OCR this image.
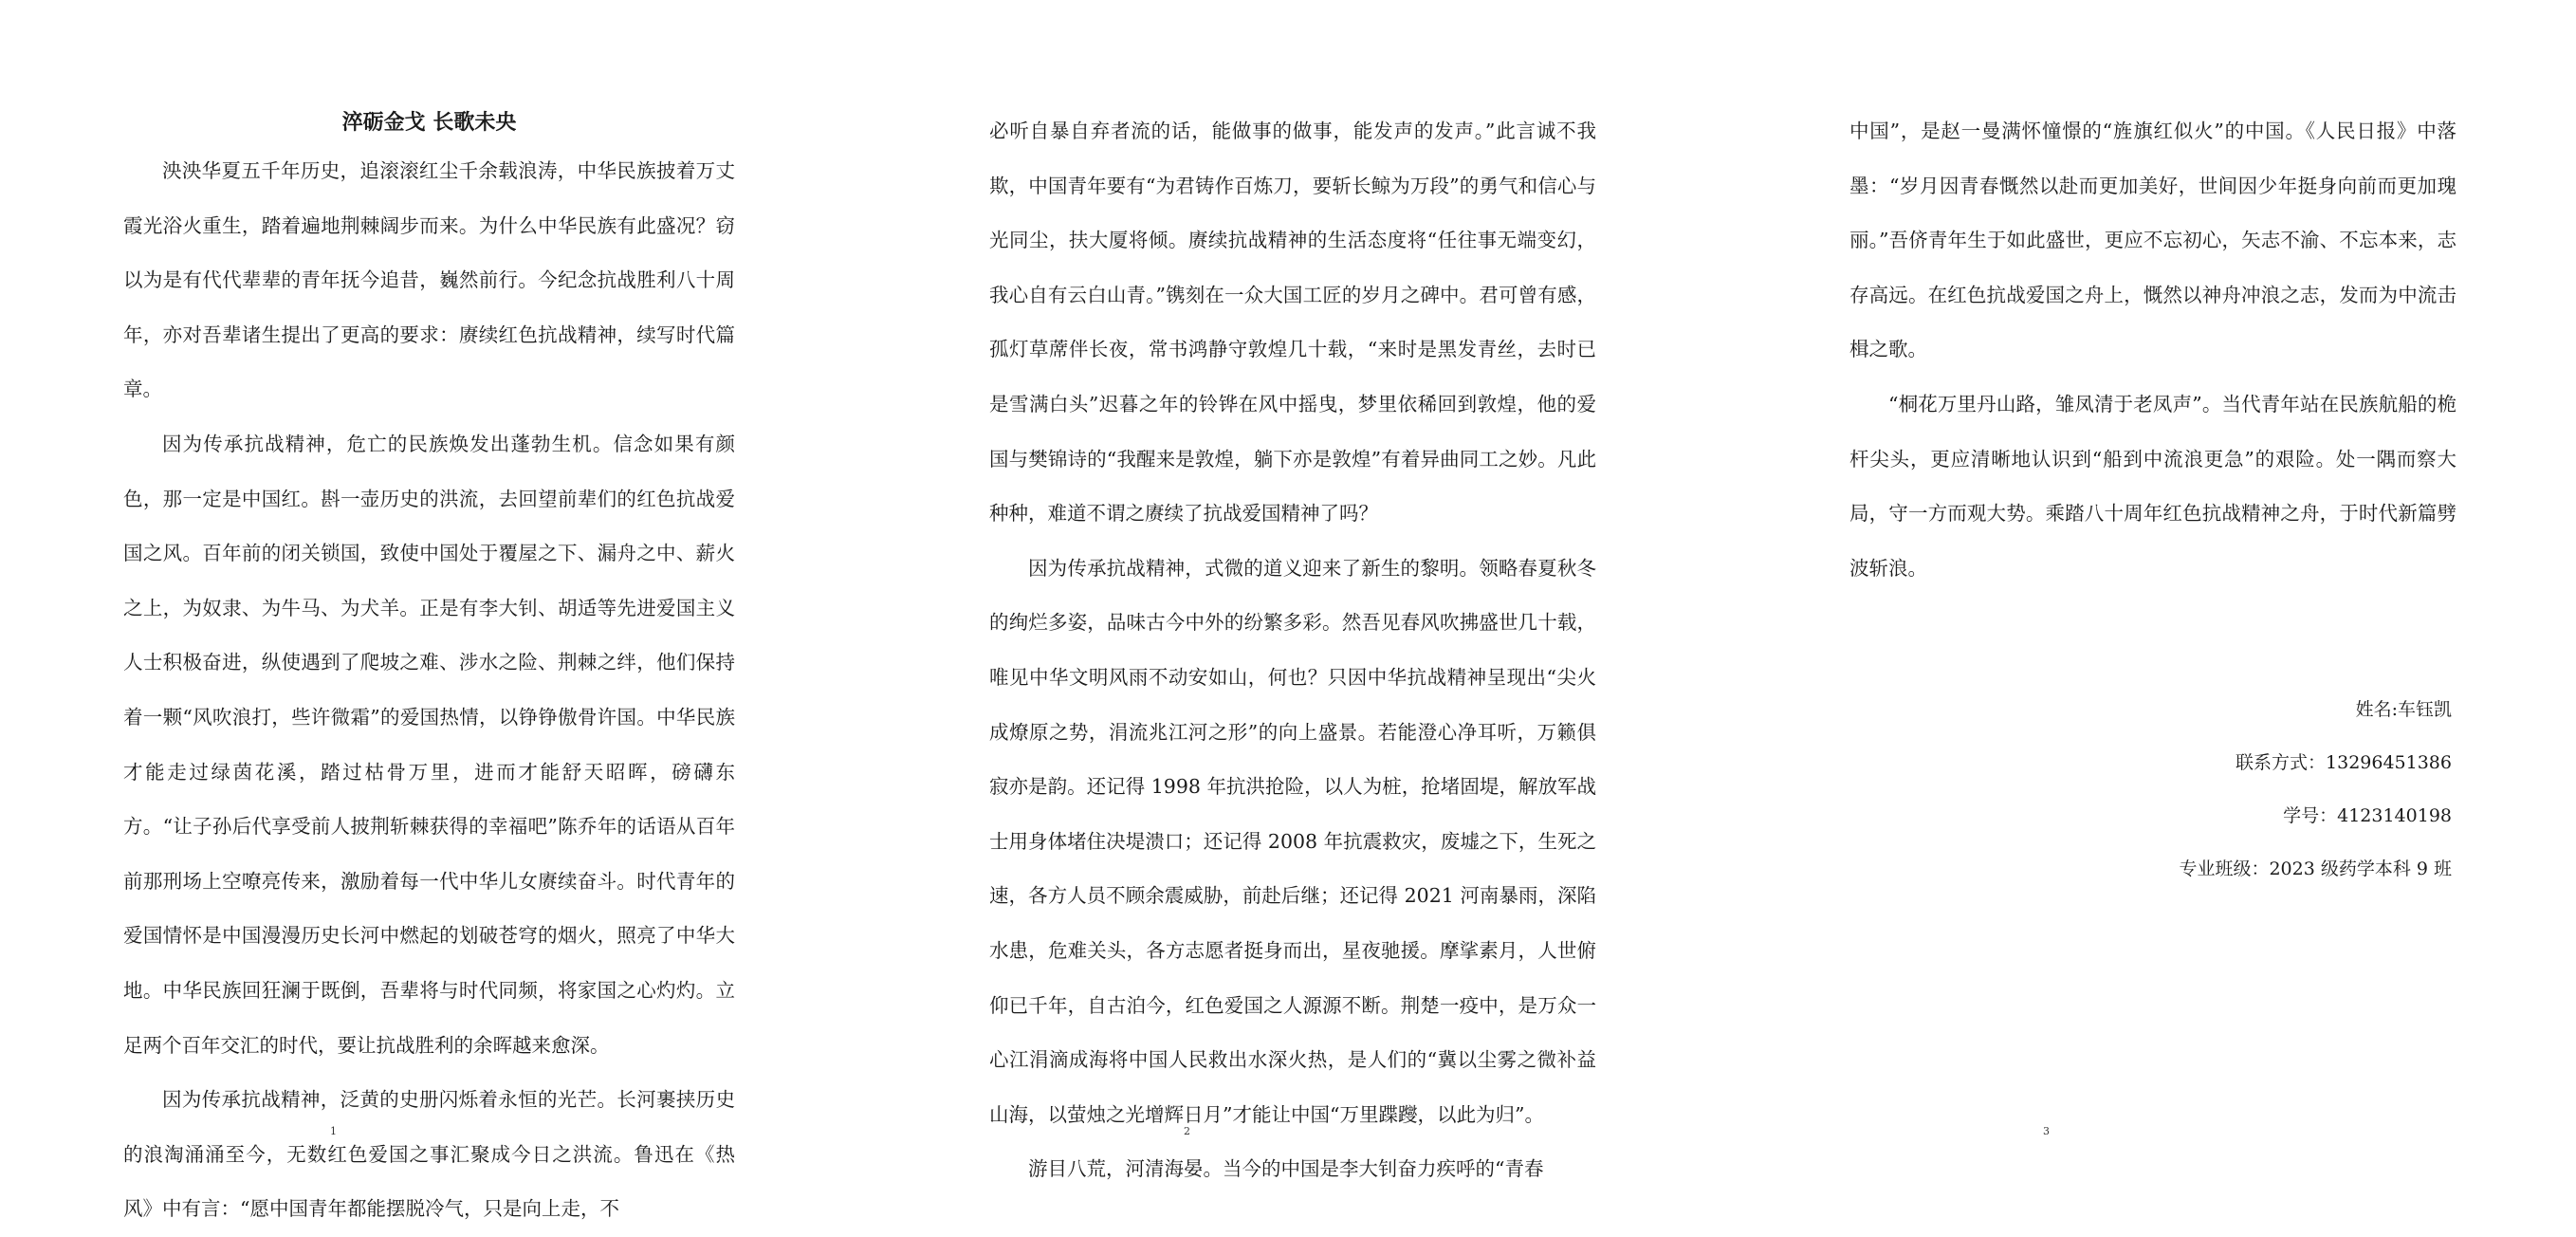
淬砺金戈 长歌未央

泱泱华夏五千年历史，追滚滚红尘千余载浪涛，中华民族披着万丈霞光浴火重生，踏着遍地荆棘阔步而来。为什么中华民族有此盛况？窃以为是有代代辈辈的青年抚今追昔，巍然前行。今纪念抗战胜利八十周年，亦对吾辈诸生提出了更高的要求：赓续红色抗战精神，续写时代篇章。

因为传承抗战精神，危亡的民族焕发出蓬勃生机。信念如果有颜色，那一定是中国红。斟一壶历史的洪流，去回望前辈们的红色抗战爱国之风。百年前的闭关锁国，致使中国处于覆屋之下、漏舟之中、薪火之上，为奴隶、为牛马、为犬羊。正是有李大钊、胡适等先进爱国主义人士积极奋进，纵使遇到了爬坡之难、涉水之险、荆棘之绊，他们保持着一颗“风吹浪打，些许微霜”的爱国热情，以铮铮傲骨许国。中华民族才能走过绿茵花溪，踏过枯骨万里，进而才能舒天昭晖，磅礴东方。“让子孙后代享受前人披荆斩棘获得的幸福吧”陈乔年的话语从百年前那刑场上空嘹亮传来，激励着每一代中华儿女赓续奋斗。时代青年的爱国情怀是中国漫漫历史长河中燃起的划破苍穹的烟火，照亮了中华大地。中华民族回狂澜于既倒，吾辈将与时代同频，将家国之心灼灼。立足两个百年交汇的时代，要让抗战胜利的余晖越来愈深。

因为传承抗战精神，泛黄的史册闪烁着永恒的光芒。长河裹挟历史的浪淘涌涌至今，无数红色爱国之事汇聚成今日之洪流。鲁迅在《热风》中有言：“愿中国青年都能摆脱冷气，只是向上走，不

1

必听自暴自弃者流的话，能做事的做事，能发声的发声。”此言诚不我欺，中国青年要有“为君铸作百炼刀，要斩长鲸为万段”的勇气和信心与光同尘，扶大厦将倾。赓续抗战精神的生活态度将“任往事无端变幻，我心自有云白山青。”镌刻在一众大国工匠的岁月之碑中。君可曾有感，孤灯草蓆伴长夜，常书鸿静守敦煌几十载，“来时是黑发青丝，去时已是雪满白头”迟暮之年的铃铧在风中摇曳，梦里依稀回到敦煌，他的爱国与樊锦诗的“我醒来是敦煌，躺下亦是敦煌”有着异曲同工之妙。凡此种种，难道不谓之赓续了抗战爱国精神了吗？

因为传承抗战精神，式微的道义迎来了新生的黎明。领略春夏秋冬的绚烂多姿，品味古今中外的纷繁多彩。然吾见春风吹拂盛世几十载，唯见中华文明风雨不动安如山，何也？只因中华抗战精神呈现出“尖火成燎原之势，涓流兆江河之形”的向上盛景。若能澄心净耳听，万籁俱寂亦是韵。还记得 1998 年抗洪抢险，以人为桩，抢堵固堤，解放军战士用身体堵住决堤溃口；还记得 2008 年抗震救灾，废墟之下，生死之速，各方人员不顾余震威胁，前赴后继；还记得 2021 河南暴雨，深陷水患，危难关头，各方志愿者挺身而出，星夜驰援。摩挲素月，人世俯仰已千年，自古泊今，红色爱国之人源源不断。荆楚一疫中，是万众一心江涓滴成海将中国人民救出水深火热，是人们的“冀以尘雾之微补益山海，以萤烛之光增辉日月”才能让中国“万里蹀躞，以此为归”。

游目八荒，河清海晏。当今的中国是李大钊奋力疾呼的“青春

2

中国”，是赵一曼满怀憧憬的“旌旗红似火”的中国。《人民日报》中落墨：“岁月因青春慨然以赴而更加美好，世间因少年挺身向前而更加瑰丽。”吾侪青年生于如此盛世，更应不忘初心，矢志不渝、不忘本来，志存高远。在红色抗战爱国之舟上，慨然以神舟冲浪之志，发而为中流击楫之歌。

“桐花万里丹山路，雏凤清于老凤声”。当代青年站在民族航船的桅杆尖头，更应清晰地认识到“船到中流浪更急”的艰险。处一隅而察大局，守一方而观大势。乘踏八十周年红色抗战精神之舟，于时代新篇劈波斩浪。

姓名:车钰凯
联系方式：13296451386
学号：4123140198
专业班级：2023 级药学本科 9 班
3
